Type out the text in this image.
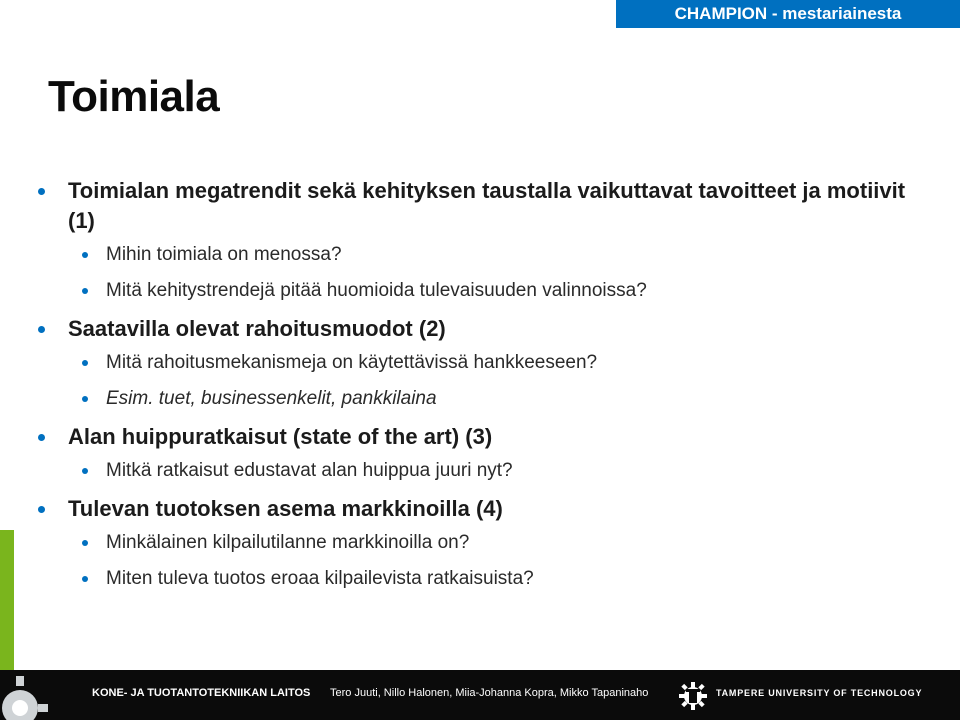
CHAMPION - mestariainesta
Toimiala
Toimialan megatrendit sekä kehityksen taustalla vaikuttavat tavoitteet ja motiivit (1)
Mihin toimiala on menossa?
Mitä kehitystrendejä pitää huomioida tulevaisuuden valinnoissa?
Saatavilla olevat rahoitusmuodot (2)
Mitä rahoitusmekanismeja on käytettävissä hankkeeseen?
Esim. tuet, businessenkelit, pankkilaina
Alan huippuratkaisut (state of the art) (3)
Mitkä ratkaisut edustavat alan huippua juuri nyt?
Tulevan tuotoksen asema markkinoilla (4)
Minkälainen kilpailutilanne markkinoilla on?
Miten tuleva tuotos eroaa kilpailevista ratkaisuista?
KONE- JA TUOTANTOTEKNIIKAN LAITOS Tero Juuti, Nillo Halonen, Miia-Johanna Kopra, Mikko Tapaninaho	TAMPERE UNIVERSITY OF TECHNOLOGY
